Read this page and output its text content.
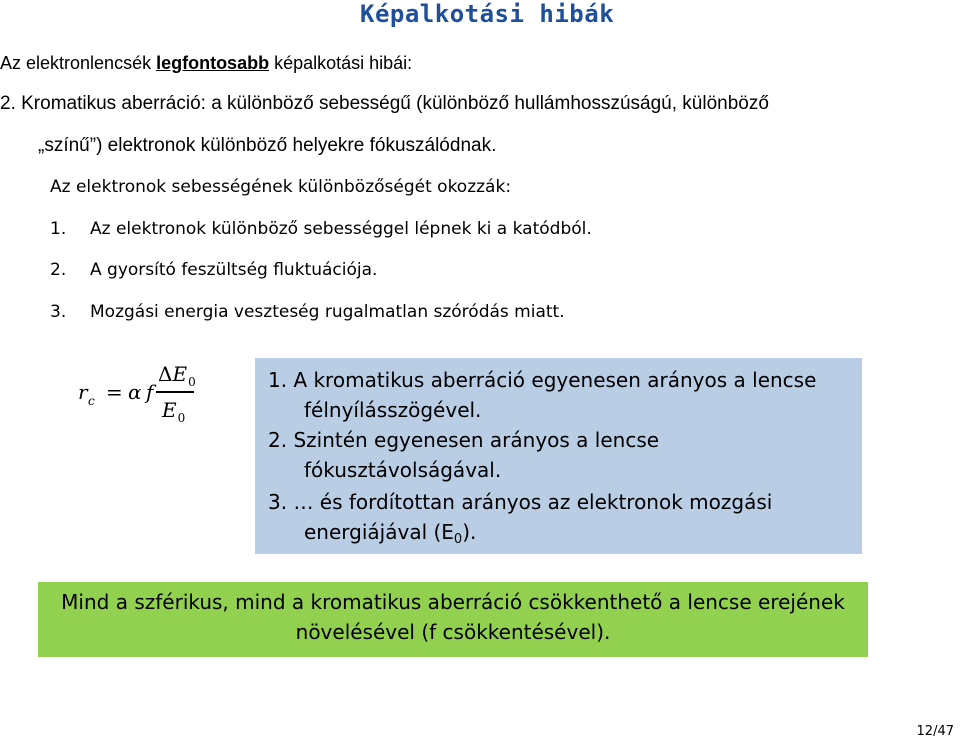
Képalkotási hibák
Az elektronlencsék legfontosabb képalkotási hibái:
2. Kromatikus aberráció: a különböző sebességű (különböző hullámhosszúságú, különböző
„színű”) elektronok különböző helyekre fókuszálódnak.
Az elektronok sebességének különbözőségét okozzák:
1. Az elektronok különböző sebességgel lépnek ki a katódból.
2. A gyorsító feszültség fluktuációja.
3. Mozgási energia veszteség rugalmatlan szóródás miatt.
r c = α f
$\Delta E_0$
$E_0$
1. A kromatikus aberráció egyenesen arányos a lencse
félnyílásszögével.
2. Szintén egyenesen arányos a lencse
fókusztávolságával.
3. … és fordítottan arányos az elektronok mozgási
energiájával $(E_0)$.
Mind a szférikus, mind a kromatikus aberráció csökkenthető a lencse erejének
növelésével (f csökkentésével).
12/47
